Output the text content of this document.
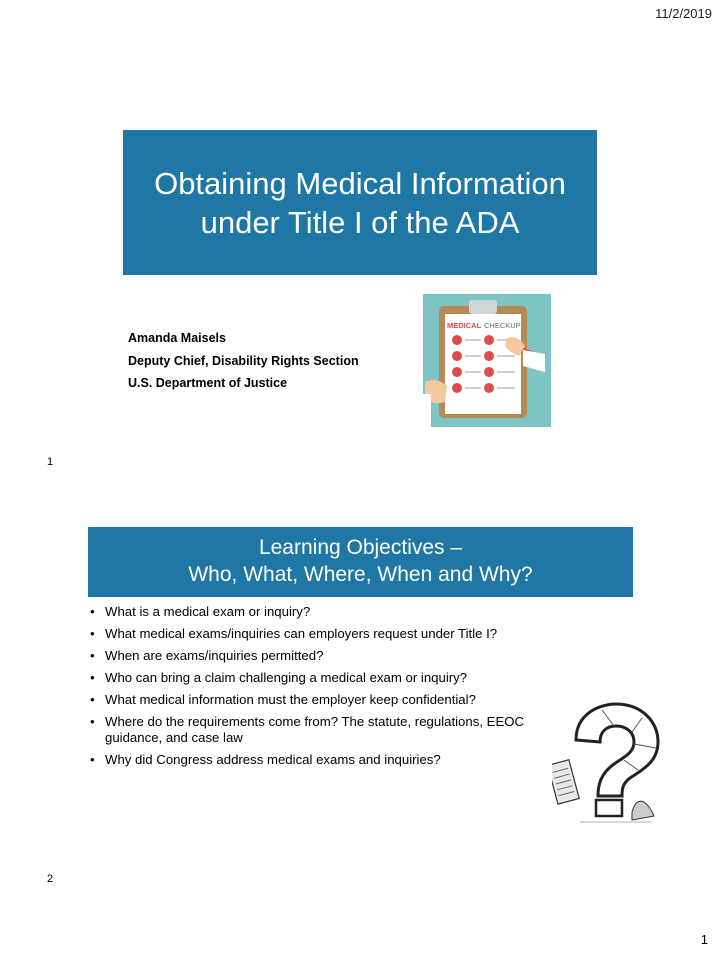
11/2/2019
Obtaining Medical Information under Title I of the ADA
Amanda Maisels
Deputy Chief, Disability Rights Section
U.S. Department of Justice
MEDICAL CHECKUP
1
Learning Objectives –
Who, What, Where, When and Why?
• What is a medical exam or inquiry?
• What medical exams/inquiries can employers request under Title I?
• When are exams/inquiries permitted?
• Who can bring a claim challenging a medical exam or inquiry?
• What medical information must the employer keep confidential?
• Where do the requirements come from? The statute, regulations, EEOC guidance, and case law
• Why did Congress address medical exams and inquiries?
2
1
